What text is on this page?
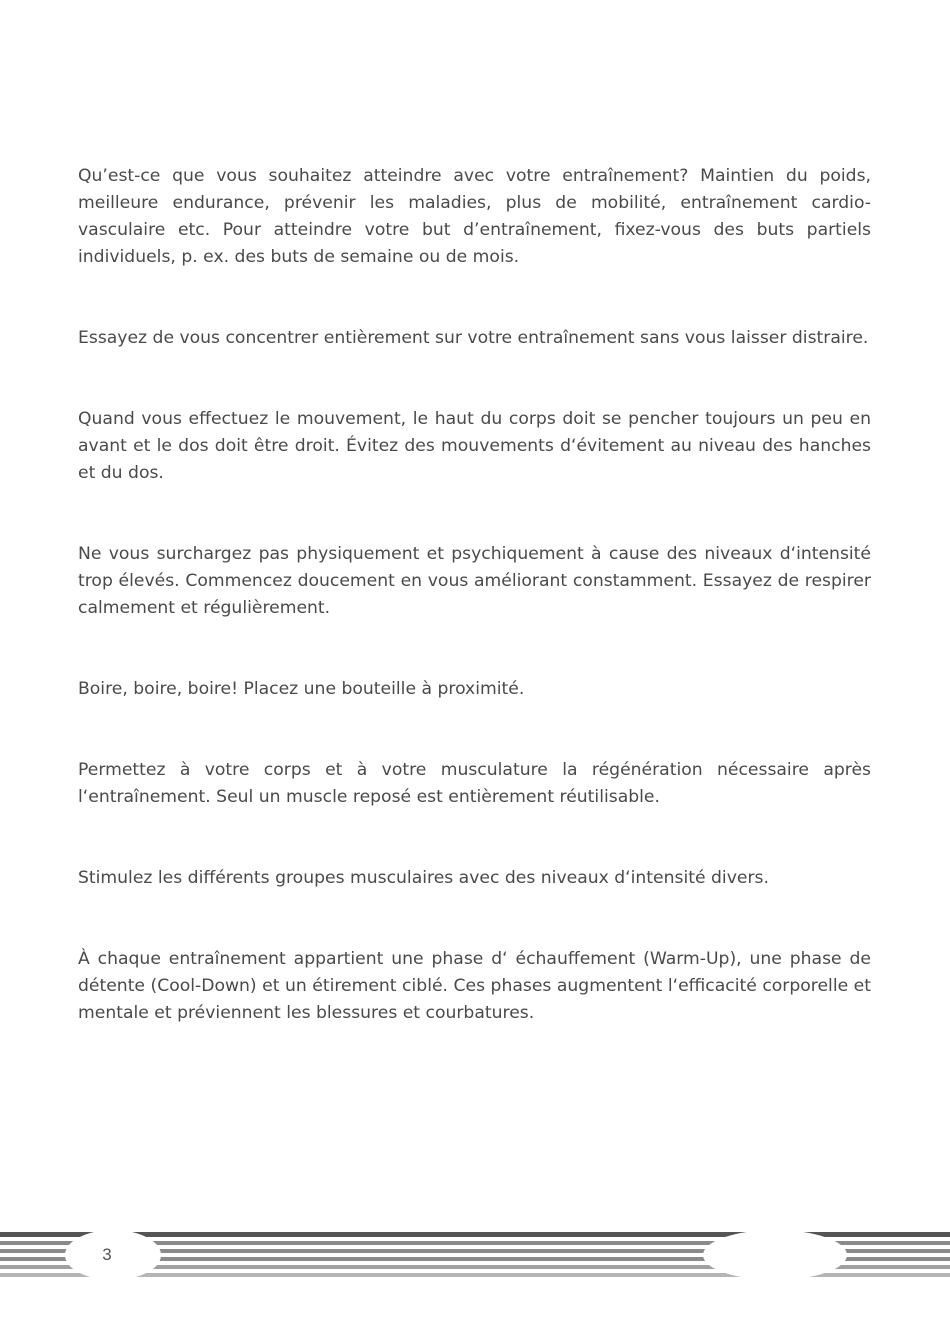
Qu’est-ce que vous souhaitez atteindre avec votre entraînement? Maintien du poids, meilleure endurance, prévenir les maladies, plus de mobilité, entraînement cardio-vasculaire etc. Pour atteindre votre but d’entraînement, fixez-vous des buts partiels individuels, p. ex. des buts de semaine ou de mois.

Essayez de vous concentrer entièrement sur votre entraînement sans vous laisser distraire.

Quand vous effectuez le mouvement, le haut du corps doit se pencher toujours un peu en avant et le dos doit être droit. Évitez des mouvements d‘évitement au niveau des hanches et du dos.

Ne vous surchargez pas physiquement et psychiquement à cause des niveaux d‘intensité trop élevés. Commencez doucement en vous améliorant constamment. Essayez de respirer calmement et régulièrement.

Boire, boire, boire! Placez une bouteille à proximité.

Permettez à votre corps et à votre musculature la régénération nécessaire après l‘entraînement. Seul un muscle reposé est entièrement réutilisable.

Stimulez les différents groupes musculaires avec des niveaux d‘intensité divers.

À chaque entraînement appartient une phase d‘ échauffement (Warm-Up), une phase de détente (Cool-Down) et un étirement ciblé. Ces phases augmentent l‘efficacité corporelle et mentale et préviennent les blessures et courbatures.

3
